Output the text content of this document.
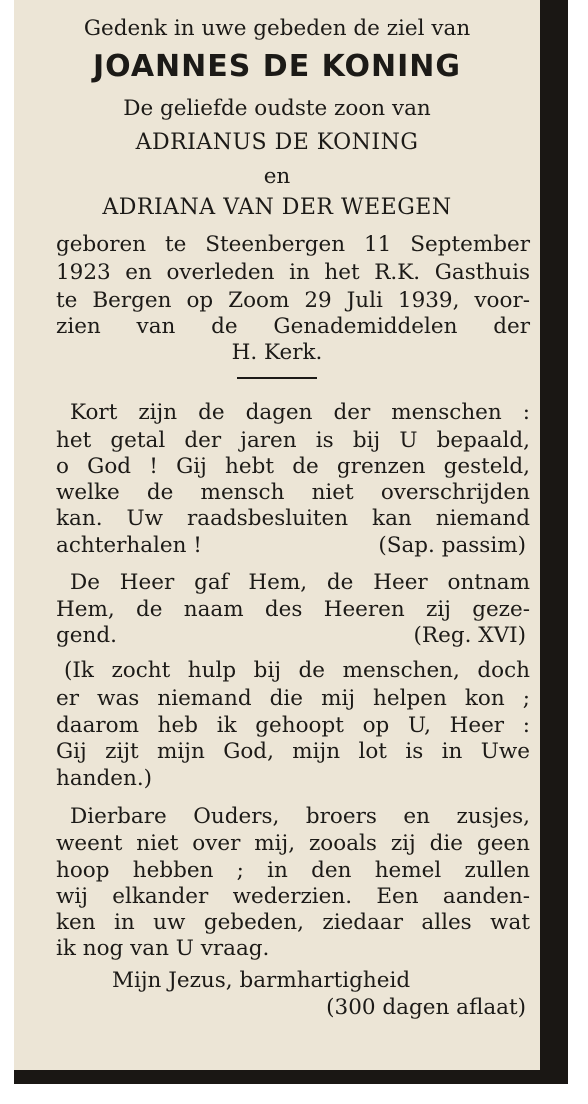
Gedenk in uwe gebeden de ziel van
JOANNES DE KONING
De geliefde oudste zoon van
ADRIANUS DE KONING
en
ADRIANA VAN DER WEEGEN
geboren te Steenbergen 11 September
1923 en overleden in het R.K. Gasthuis
te Bergen op Zoom 29 Juli 1939, voor-
zien van de Genademiddelen der
H. Kerk.
Kort zijn de dagen der menschen :
het getal der jaren is bij U bepaald,
o God ! Gij hebt de grenzen gesteld,
welke de mensch niet overschrijden
kan. Uw raadsbesluiten kan niemand
achterhalen !	(Sap. passim)
De Heer gaf Hem, de Heer ontnam
Hem, de naam des Heeren zij geze-
gend.	(Reg. XVI)
(Ik zocht hulp bij de menschen, doch
er was niemand die mij helpen kon ;
daarom heb ik gehoopt op U, Heer :
Gij zijt mijn God, mijn lot is in Uwe
handen.)
Dierbare Ouders, broers en zusjes,
weent niet over mij, zooals zij die geen
hoop hebben ; in den hemel zullen
wij elkander wederzien. Een aanden-
ken in uw gebeden, ziedaar alles wat
ik nog van U vraag.
Mijn Jezus, barmhartigheid
(300 dagen aflaat)
